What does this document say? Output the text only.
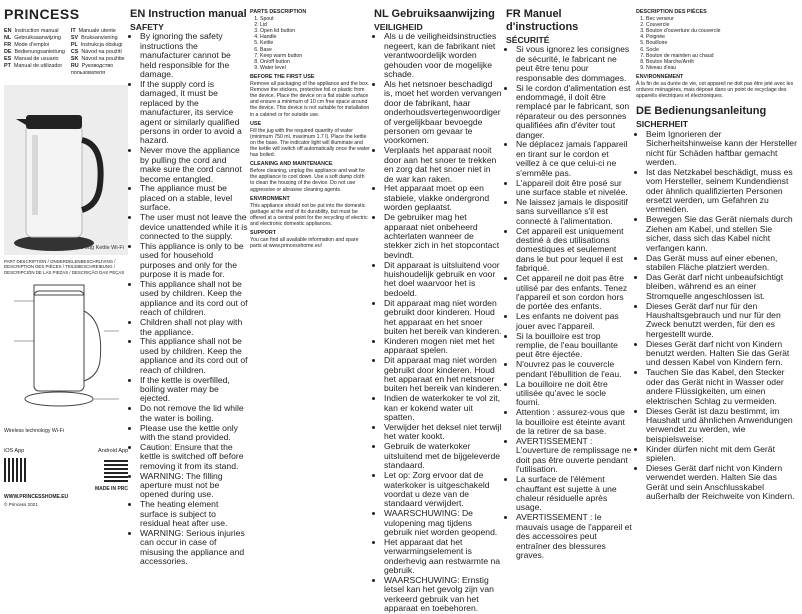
PRINCESS
EN Instruction manual
NL Gebruiksaanwijzing
FR Mode d'emploi
DE Bedienungsanleitung
ES Manual de usuario
PT Manual de utilizador
IT Manuale utente
SV Bruksanvisning
PL Instrukcja obsługi
CS Návod na použití
SK Návod na použitie
RU Руководство пользователя
Momento Jug Kettle Wi-Fi
PART DESCRIPTION / ONDERDELENBESCHRIJVING / DESCRIPTION DES PIÈCES / TEILEBESCHREIBUNG / DESCRIPCIÓN DE LAS PIEZAS / DESCRIÇÃO DAS PEÇAS
Wireless technology Wi-Fi
iOS App	Android App
MADE IN PRC
WWW.PRINCESSHOME.EU
© Princess 2021
EN Instruction manual
SAFETY
• By ignoring the safety instructions the manufacturer cannot be held responsible for the damage.
• If the supply cord is damaged, it must be replaced by the manufacturer, its service agent or similarly qualified persons in order to avoid a hazard.
• Never move the appliance by pulling the cord and make sure the cord cannot become entangled.
• The appliance must be placed on a stable, level surface.
• The user must not leave the device unattended while it is connected to the supply.
• This appliance is only to be used for household purposes and only for the purpose it is made for.
• This appliance shall not be used by children. Keep the appliance and its cord out of reach of children.
• Children shall not play with the appliance.
• This appliance shall not be used by children. Keep the appliance and its cord out of reach of children.
• If the kettle is overfilled, boiling water may be ejected.
• Do not remove the lid while the water is boiling.
• Please use the kettle only with the stand provided.
• Caution: Ensure that the kettle is switched off before removing it from its stand.
• WARNING: The filling aperture must not be opened during use.
• The heating element surface is subject to residual heat after use.
• WARNING: Serious injuries can occur in case of misusing the appliance and accessories.
PARTS DESCRIPTION
1. Spout
2. Lid
3. Open lid button
4. Handle
5. Kettle
6. Base
7. Keep warm button
8. On/off button
9. Water level
BEFORE THE FIRST USE

Remove all packaging of the appliance and the box. Remove the stickers, protective foil or plastic from the device. Place the device on a flat stable surface and ensure a minimum of 10 cm free space around the device. This device is not suitable for installation in a cabinet or for outside use.

USE

Fill the jug with the required quantity of water (minimum 750 ml, maximum 1.7 l). Place the kettle on the base. The indicator light will illuminate and the kettle will switch off automatically once the water has boiled.

CLEANING AND MAINTENANCE

Before cleaning, unplug the appliance and wait for the appliance to cool down. Use a soft damp cloth to clean the housing of the device. Do not use aggressive or abrasive cleaning agents.

ENVIRONMENT

This appliance should not be put into the domestic garbage at the end of its durability, but must be offered at a central point for the recycling of electric and electronic domestic appliances.

SUPPORT

You can find all available information and spare parts at www.princesshome.eu!

NL Gebruiksaanwijzing
VEILIGHEID
• Als u de veiligheidsinstructies negeert, kan de fabrikant niet verantwoordelijk worden gehouden voor de mogelijke schade.
• Als het netsnoer beschadigd is, moet het worden vervangen door de fabrikant, haar onderhoudsvertegenwoordiger of vergelijkbaar bevoegde personen om gevaar te voorkomen.
• Verplaats het apparaat nooit door aan het snoer te trekken en zorg dat het snoer niet in de war kan raken.
• Het apparaat moet op een stabiele, vlakke ondergrond worden geplaatst.
• De gebruiker mag het apparaat niet onbeheerd achterlaten wanneer de stekker zich in het stopcontact bevindt.
• Dit apparaat is uitsluitend voor huishoudelijk gebruik en voor het doel waarvoor het is bedoeld.
• Dit apparaat mag niet worden gebruikt door kinderen. Houd het apparaat en het snoer buiten het bereik van kinderen.
• Kinderen mogen niet met het apparaat spelen.
• Dit apparaat mag niet worden gebruikt door kinderen. Houd het apparaat en het netsnoer buiten het bereik van kinderen.
• Indien de waterkoker te vol zit, kan er kokend water uit spatten.
• Verwijder het deksel niet terwijl het water kookt.
• Gebruik de waterkoker uitsluitend met de bijgeleverde standaard.
• Let op: Zorg ervoor dat de waterkoker is uitgeschakeld voordat u deze van de standaard verwijdert.
• WAARSCHUWING: De vulopening mag tijdens gebruik niet worden geopend.
• Het apparaat dat het verwarmingselement is onderhevig aan restwarmte na gebruik.
• WAARSCHUWING: Ernstig letsel kan het gevolg zijn van verkeerd gebruik van het apparaat en toebehoren.
FR Manuel d'instructions
SÉCURITÉ
• Si vous ignorez les consignes de sécurité, le fabricant ne peut être tenu pour responsable des dommages.
• Si le cordon d'alimentation est endommagé, il doit être remplacé par le fabricant, son réparateur ou des personnes qualifiées afin d'éviter tout danger.
• Ne déplacez jamais l'appareil en tirant sur le cordon et veillez à ce que celui-ci ne s'emmêle pas.
• L'appareil doit être posé sur une surface stable et nivelée.
• Ne laissez jamais le dispositif sans surveillance s'il est connecté à l'alimentation.
• Cet appareil est uniquement destiné à des utilisations domestiques et seulement dans le but pour lequel il est fabriqué.
• Cet appareil ne doit pas être utilisé par des enfants. Tenez l'appareil et son cordon hors de portée des enfants.
• Les enfants ne doivent pas jouer avec l'appareil.
• Si la bouilloire est trop remplie, de l'eau bouillante peut être éjectée.
• N'ouvrez pas le couvercle pendant l'ébullition de l'eau.
• La bouilloire ne doit être utilisée qu'avec le socle fourni.
• Attention : assurez-vous que la bouilloire est éteinte avant de la retirer de sa base.
• AVERTISSEMENT : L'ouverture de remplissage ne doit pas être ouverte pendant l'utilisation.
• La surface de l'élément chauffant est sujette à une chaleur résiduelle après usage.
• AVERTISSEMENT : le mauvais usage de l'appareil et des accessoires peut entraîner des blessures graves.
DESCRIPTION DES PIÈCES
1. Bec verseur
2. Couvercle
3. Bouton d'ouverture du couvercle
4. Poignée
5. Bouilloire
6. Socle
7. Bouton de maintien au chaud
8. Bouton Marche/Arrêt
9. Niveau d'eau
ENVIRONNEMENT

À la fin de sa durée de vie, cet appareil ne doit pas être jeté avec les ordures ménagères, mais déposé dans un point de recyclage des appareils électriques et électroniques.

DE Bedienungsanleitung
SICHERHEIT
• Beim Ignorieren der Sicherheitshinweise kann der Hersteller nicht für Schäden haftbar gemacht werden.
• Ist das Netzkabel beschädigt, muss es vom Hersteller, seinem Kundendienst oder ähnlich qualifizierten Personen ersetzt werden, um Gefahren zu vermeiden.
• Bewegen Sie das Gerät niemals durch Ziehen am Kabel, und stellen Sie sicher, dass sich das Kabel nicht verfangen kann.
• Das Gerät muss auf einer ebenen, stabilen Fläche platziert werden.
• Das Gerät darf nicht unbeaufsichtigt bleiben, während es an einer Stromquelle angeschlossen ist.
• Dieses Gerät darf nur für den Haushaltsgebrauch und nur für den Zweck benutzt werden, für den es hergestellt wurde.
• Dieses Gerät darf nicht von Kindern benutzt werden. Halten Sie das Gerät und dessen Kabel von Kindern fern.
• Tauchen Sie das Kabel, den Stecker oder das Gerät nicht in Wasser oder andere Flüssigkeiten, um einen elektrischen Schlag zu vermeiden.
• Dieses Gerät ist dazu bestimmt, im Haushalt und ähnlichen Anwendungen verwendet zu werden, wie beispielsweise:
• Kinder dürfen nicht mit dem Gerät spielen.
• Dieses Gerät darf nicht von Kindern verwendet werden. Halten Sie das Gerät und sein Anschlusskabel außerhalb der Reichweite von Kindern.
